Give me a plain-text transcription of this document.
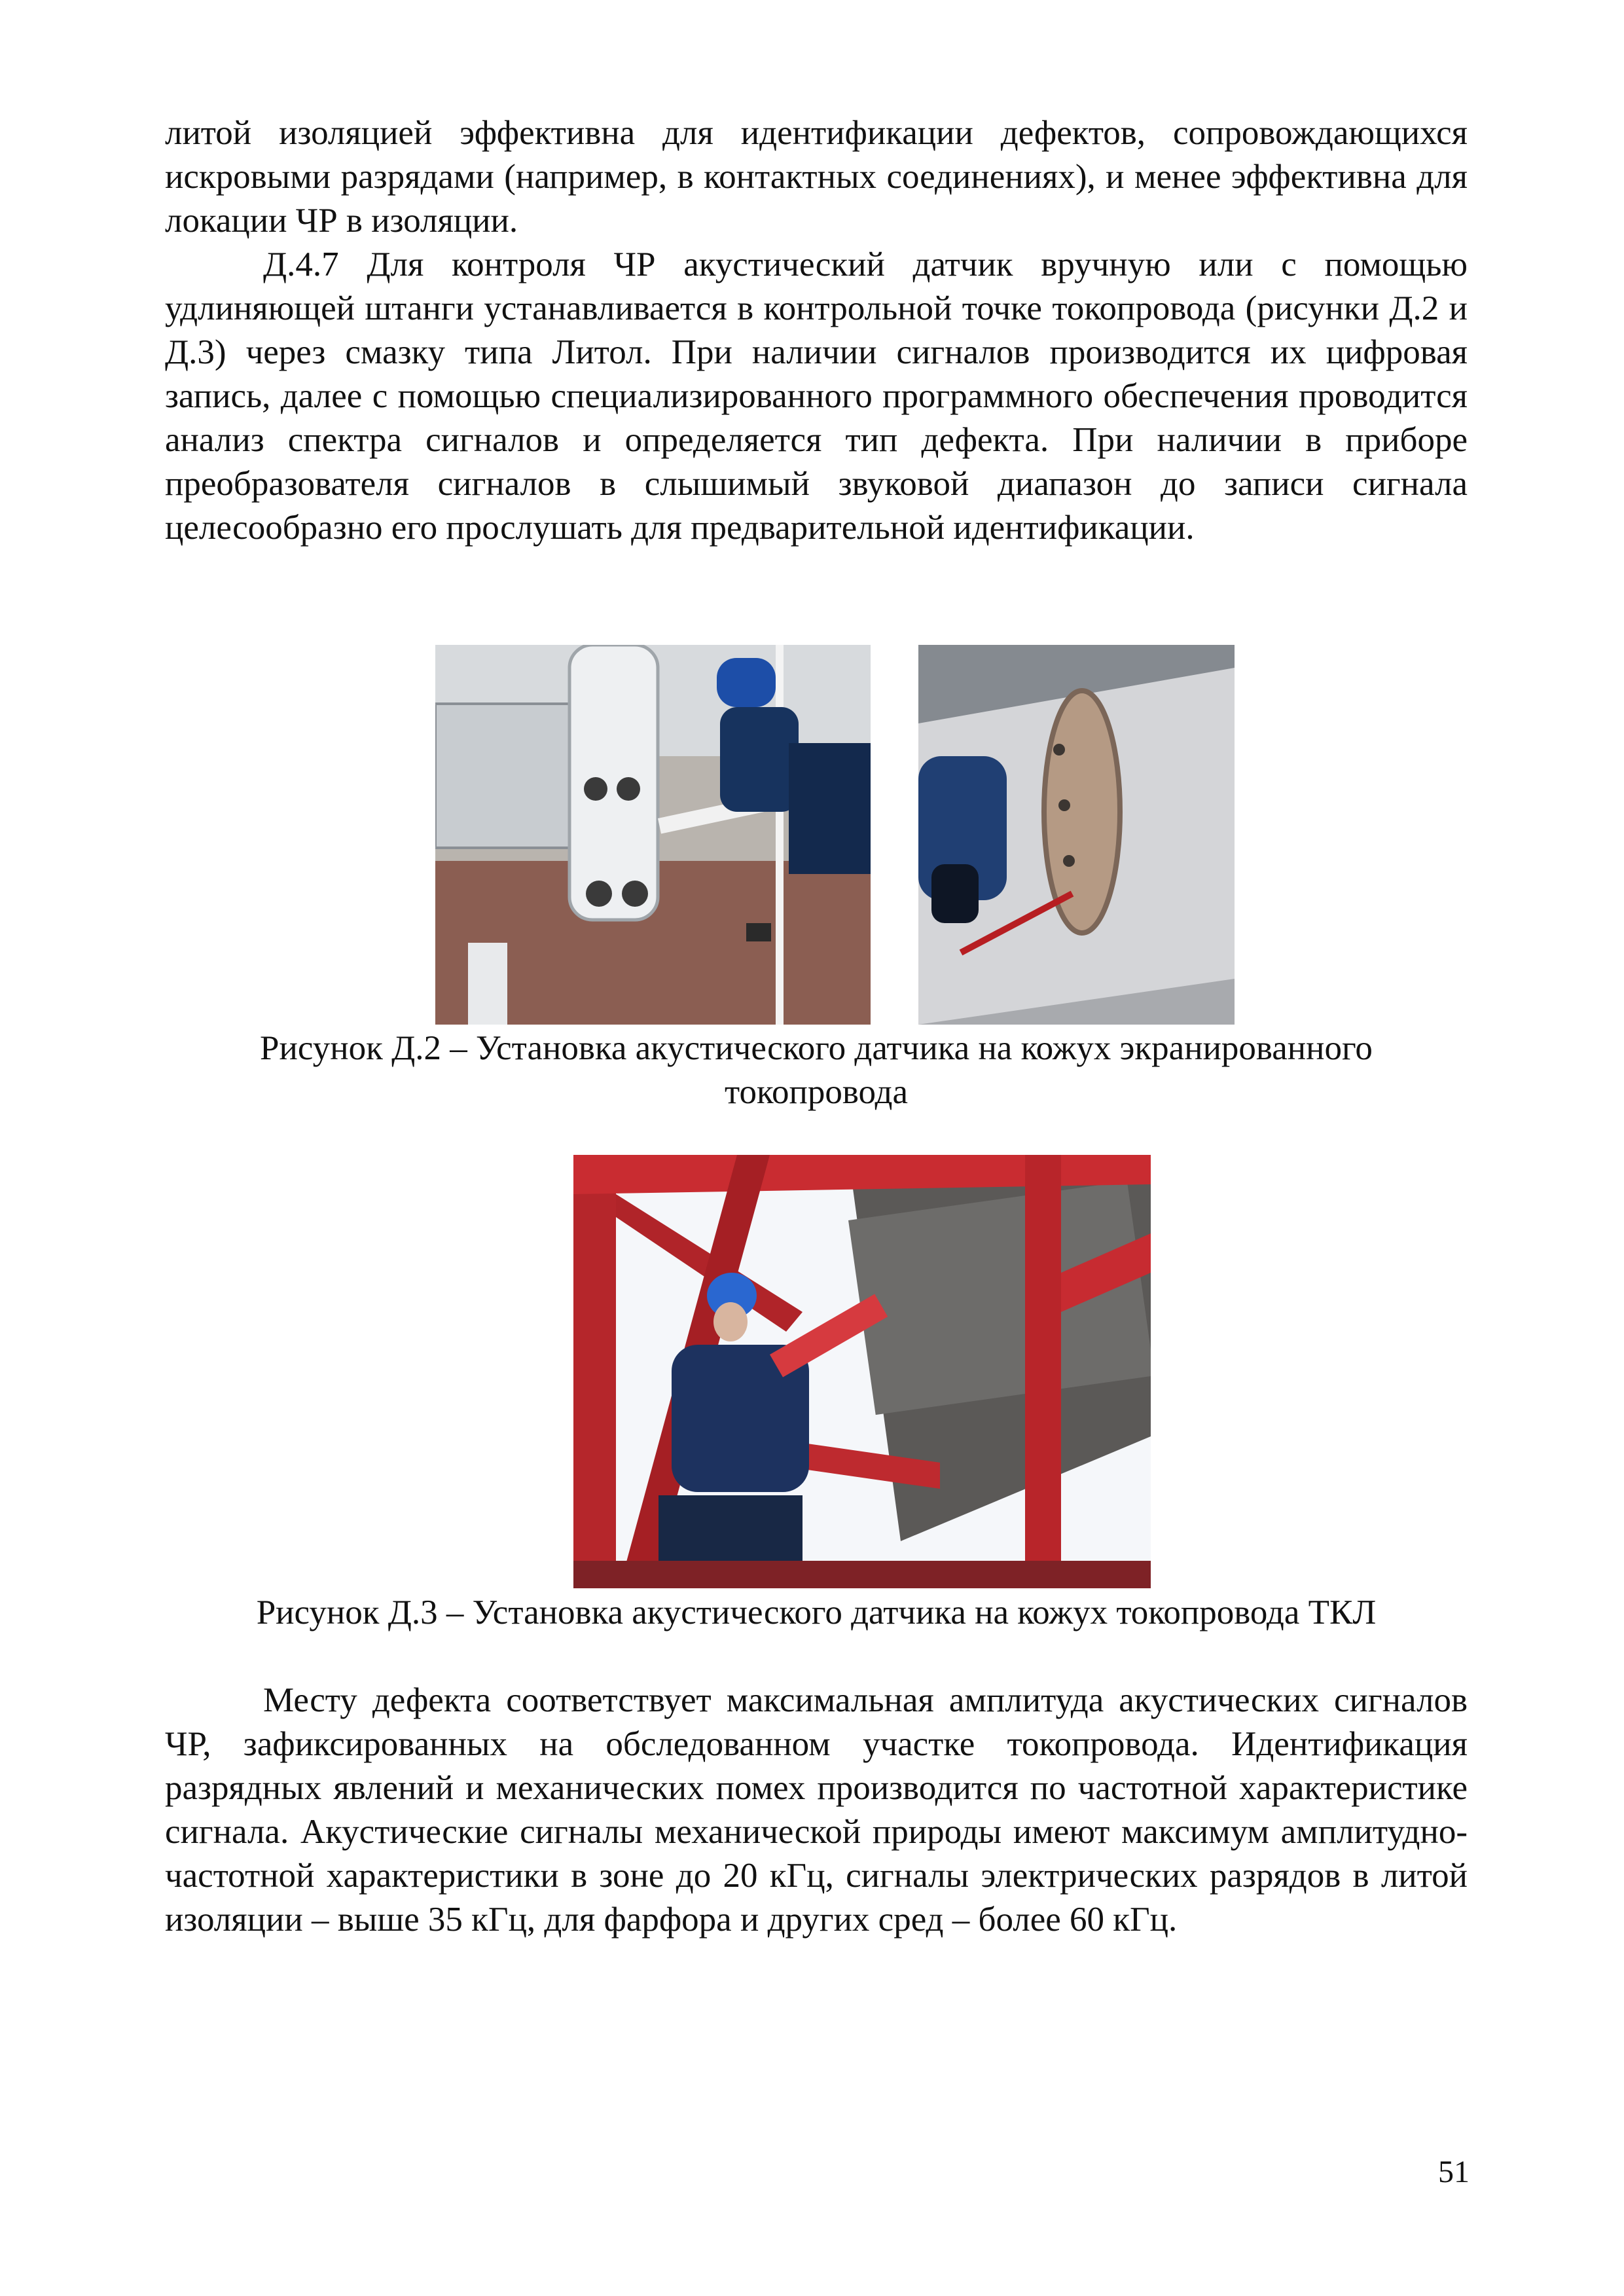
литой изоляцией эффективна для идентификации дефектов, сопровождающихся искровыми разрядами (например, в контактных соединениях), и менее эффективна для локации ЧР в изоляции.

Д.4.7 Для контроля ЧР акустический датчик вручную или с помощью удлиняющей штанги устанавливается в контрольной точке токопровода (рисунки Д.2 и Д.3) через смазку типа Литол. При наличии сигналов производится их цифровая запись, далее с помощью специализированного программного обеспечения проводится анализ спектра сигналов и определяется тип дефекта. При наличии в приборе преобразователя сигналов в слышимый звуковой диапазон до записи сигнала целесообразно его прослушать для предварительной идентификации.

Рисунок Д.2 – Установка акустического датчика на кожух экранированного токопровода
Рисунок Д.3 – Установка акустического датчика на кожух токопровода ТКЛ

Месту дефекта соответствует максимальная амплитуда акустических сигналов ЧР, зафиксированных на обследованном участке токопровода. Идентификация разрядных явлений и механических помех производится по частотной характеристике сигнала. Акустические сигналы механической природы имеют максимум амплитудно-частотной характеристики в зоне до 20 кГц, сигналы электрических разрядов в литой изоляции – выше 35 кГц, для фарфора и других сред – более 60 кГц.

51
